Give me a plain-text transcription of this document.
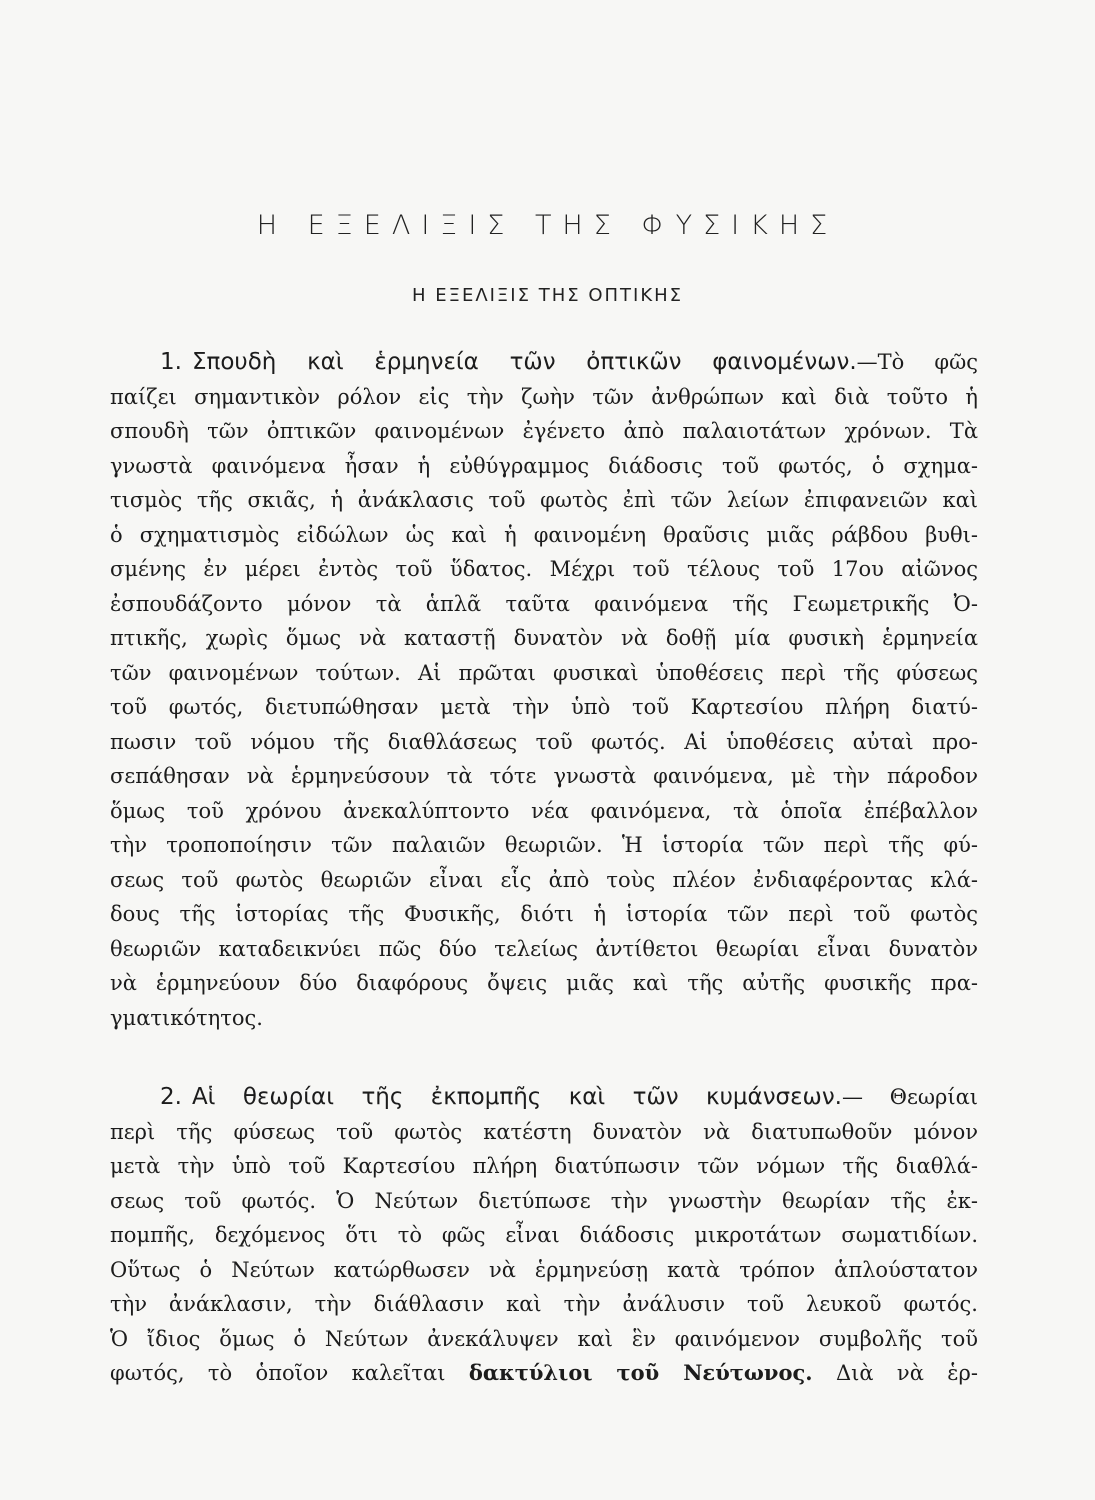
Η ΕΞΕΛΙΞΙΣ ΤΗΣ ΦΥΣΙΚΗΣ
Η ΕΞΕΛΙΞΙΣ ΤΗΣ ΟΠΤΙΚΗΣ
1. Σπουδὴ καὶ ἑρμηνεία τῶν ὀπτικῶν φαινομένων.—Τὸ φῶς
παίζει σημαντικὸν ρόλον εἰς τὴν ζωὴν τῶν ἀνθρώπων καὶ διὰ τοῦτο ἡ
σπουδὴ τῶν ὀπτικῶν φαινομένων ἐγένετο ἀπὸ παλαιοτάτων χρόνων. Τὰ
γνωστὰ φαινόμενα ἦσαν ἡ εὐθύγραμμος διάδοσις τοῦ φωτός, ὁ σχημα-
τισμὸς τῆς σκιᾶς, ἡ ἀνάκλασις τοῦ φωτὸς ἐπὶ τῶν λείων ἐπιφανειῶν καὶ
ὁ σχηματισμὸς εἰδώλων ὡς καὶ ἡ φαινομένη θραῦσις μιᾶς ράβδου βυθι-
σμένης ἐν μέρει ἐντὸς τοῦ ὕδατος. Μέχρι τοῦ τέλους τοῦ 17ου αἰῶνος
ἐσπουδάζοντο μόνον τὰ ἁπλᾶ ταῦτα φαινόμενα τῆς Γεωμετρικῆς Ὀ-
πτικῆς, χωρὶς ὅμως νὰ καταστῇ δυνατὸν νὰ δοθῇ μία φυσικὴ ἑρμηνεία
τῶν φαινομένων τούτων. Αἱ πρῶται φυσικαὶ ὑποθέσεις περὶ τῆς φύσεως
τοῦ φωτός, διετυπώθησαν μετὰ τὴν ὑπὸ τοῦ Καρτεσίου πλήρη διατύ-
πωσιν τοῦ νόμου τῆς διαθλάσεως τοῦ φωτός. Αἱ ὑποθέσεις αὐταὶ προ-
σεπάθησαν νὰ ἑρμηνεύσουν τὰ τότε γνωστὰ φαινόμενα, μὲ τὴν πάροδον
ὅμως τοῦ χρόνου ἀνεκαλύπτοντο νέα φαινόμενα, τὰ ὁποῖα ἐπέβαλλον
τὴν τροποποίησιν τῶν παλαιῶν θεωριῶν. Ἡ ἱστορία τῶν περὶ τῆς φύ-
σεως τοῦ φωτὸς θεωριῶν εἶναι εἷς ἀπὸ τοὺς πλέον ἐνδιαφέροντας κλά-
δους τῆς ἱστορίας τῆς Φυσικῆς, διότι ἡ ἱστορία τῶν περὶ τοῦ φωτὸς
θεωριῶν καταδεικνύει πῶς δύο τελείως ἀντίθετοι θεωρίαι εἶναι δυνατὸν
νὰ ἑρμηνεύουν δύο διαφόρους ὄψεις μιᾶς καὶ τῆς αὐτῆς φυσικῆς πρα-
γματικότητος.
2. Αἱ θεωρίαι τῆς ἐκπομπῆς καὶ τῶν κυμάνσεων.— Θεωρίαι
περὶ τῆς φύσεως τοῦ φωτὸς κατέστη δυνατὸν νὰ διατυπωθοῦν μόνον
μετὰ τὴν ὑπὸ τοῦ Καρτεσίου πλήρη διατύπωσιν τῶν νόμων τῆς διαθλά-
σεως τοῦ φωτός. Ὁ Νεύτων διετύπωσε τὴν γνωστὴν θεωρίαν τῆς ἐκ-
πομπῆς, δεχόμενος ὅτι τὸ φῶς εἶναι διάδοσις μικροτάτων σωματιδίων.
Οὕτως ὁ Νεύτων κατώρθωσεν νὰ ἑρμηνεύσῃ κατὰ τρόπον ἁπλούστατον
τὴν ἀνάκλασιν, τὴν διάθλασιν καὶ τὴν ἀνάλυσιν τοῦ λευκοῦ φωτός.
Ὁ ἴδιος ὅμως ὁ Νεύτων ἀνεκάλυψεν καὶ ἓν φαινόμενον συμβολῆς τοῦ
φωτός, τὸ ὁποῖον καλεῖται δακτύλιοι τοῦ Νεύτωνος. Διὰ νὰ ἑρ-
